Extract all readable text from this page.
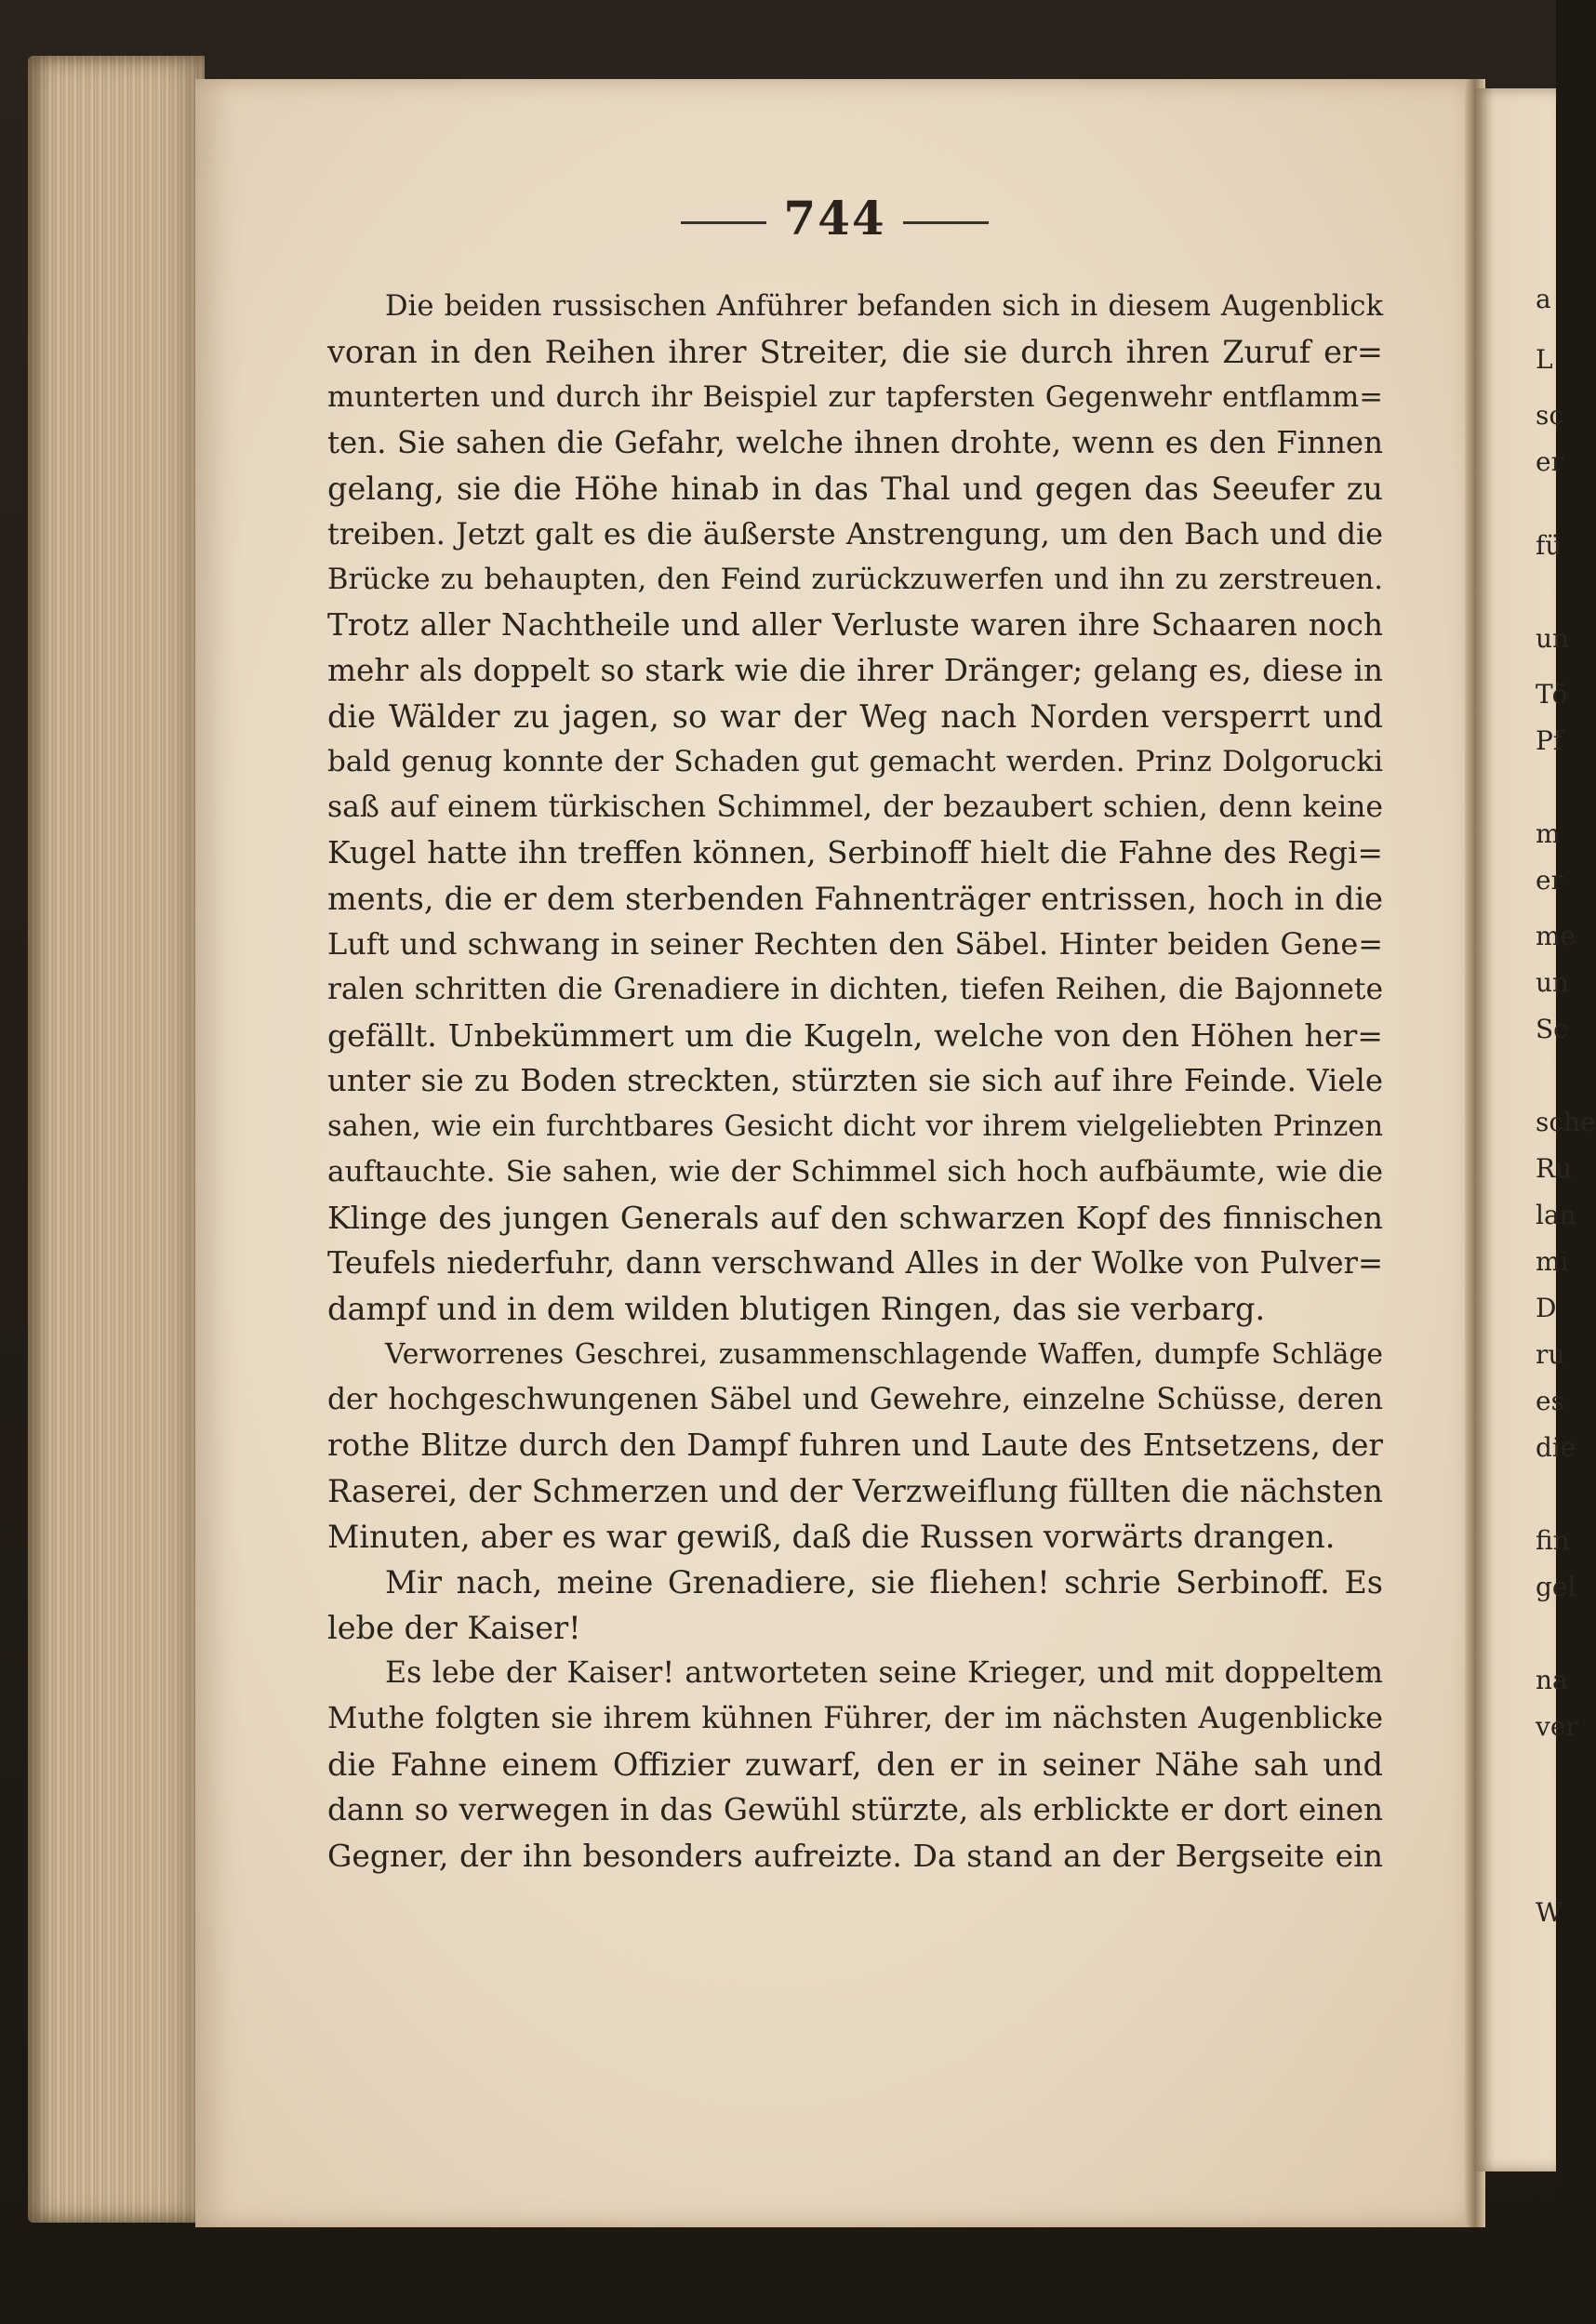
a
L
sc
er
fü
un
Tö
Pf
m
er
me
un
Sc
sche
Ru
lan
mi
D
ru
es
die
fin
gel
na
ver
W
744
Die beiden russischen Anführer befanden sich in diesem Augenblick
voran in den Reihen ihrer Streiter, die sie durch ihren Zuruf er=
munterten und durch ihr Beispiel zur tapfersten Gegenwehr entflamm=
ten. Sie sahen die Gefahr, welche ihnen drohte, wenn es den Finnen
gelang, sie die Höhe hinab in das Thal und gegen das Seeufer zu
treiben. Jetzt galt es die äußerste Anstrengung, um den Bach und die
Brücke zu behaupten, den Feind zurückzuwerfen und ihn zu zerstreuen.
Trotz aller Nachtheile und aller Verluste waren ihre Schaaren noch
mehr als doppelt so stark wie die ihrer Dränger; gelang es, diese in
die Wälder zu jagen, so war der Weg nach Norden versperrt und
bald genug konnte der Schaden gut gemacht werden. Prinz Dolgorucki
saß auf einem türkischen Schimmel, der bezaubert schien, denn keine
Kugel hatte ihn treffen können, Serbinoff hielt die Fahne des Regi=
ments, die er dem sterbenden Fahnenträger entrissen, hoch in die
Luft und schwang in seiner Rechten den Säbel. Hinter beiden Gene=
ralen schritten die Grenadiere in dichten, tiefen Reihen, die Bajonnete
gefällt. Unbekümmert um die Kugeln, welche von den Höhen her=
unter sie zu Boden streckten, stürzten sie sich auf ihre Feinde. Viele
sahen, wie ein furchtbares Gesicht dicht vor ihrem vielgeliebten Prinzen
auftauchte. Sie sahen, wie der Schimmel sich hoch aufbäumte, wie die
Klinge des jungen Generals auf den schwarzen Kopf des finnischen
Teufels niederfuhr, dann verschwand Alles in der Wolke von Pulver=
dampf und in dem wilden blutigen Ringen, das sie verbarg.
Verworrenes Geschrei, zusammenschlagende Waffen, dumpfe Schläge
der hochgeschwungenen Säbel und Gewehre, einzelne Schüsse, deren
rothe Blitze durch den Dampf fuhren und Laute des Entsetzens, der
Raserei, der Schmerzen und der Verzweiflung füllten die nächsten
Minuten, aber es war gewiß, daß die Russen vorwärts drangen.
Mir nach, meine Grenadiere, sie fliehen! schrie Serbinoff. Es
lebe der Kaiser!
Es lebe der Kaiser! antworteten seine Krieger, und mit doppeltem
Muthe folgten sie ihrem kühnen Führer, der im nächsten Augenblicke
die Fahne einem Offizier zuwarf, den er in seiner Nähe sah und
dann so verwegen in das Gewühl stürzte, als erblickte er dort einen
Gegner, der ihn besonders aufreizte. Da stand an der Bergseite ein
